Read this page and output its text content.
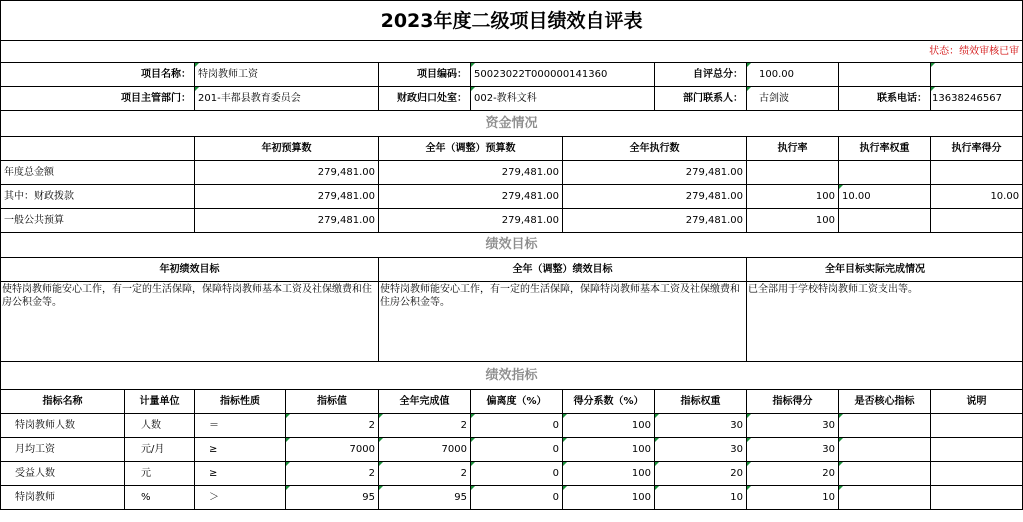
2023年度二级项目绩效自评表										
状态：绩效审核已审										
项目名称：		特岗教师工资		项目编码：	50023022T000000141360		自评总分：	100.00		
项目主管部门：		201-丰都县教育委员会		财政归口处室：	002-教科文科		部门联系人：	古剑波	联系电话：	13638246567
资金情况										
		年初预算数		全年（调整）预算数		全年执行数		执行率	执行率权重	执行率得分
年度总金额		279,481.00		279,481.00		279,481.00				
其中：财政拨款		279,481.00		279,481.00		279,481.00		100	10.00	10.00
一般公共预算		279,481.00		279,481.00		279,481.00		100		
绩效目标										
年初绩效目标				全年（调整）绩效目标				全年目标实际完成情况		
使特岗教师能安心工作，有一定的生活保障，保障特岗教师基本工资及社保缴费和住房公积金等。				使特岗教师能安心工作，有一定的生活保障，保障特岗教师基本工资及社保缴费和住房公积金等。				已全部用于学校特岗教师工资支出等。		
绩效指标										
指标名称	计量单位	指标性质	指标值	全年完成值	偏离度（%）	得分系数（%）	指标权重	指标得分	是否核心指标	说明
特岗教师人数	人数	＝	2	2	0	100	30	30		
月均工资	元/月	≥	7000	7000	0	100	30	30		
受益人数	元	≥	2	2	0	100	20	20		
特岗教师	%	＞	95	95	0	100	10	10		
